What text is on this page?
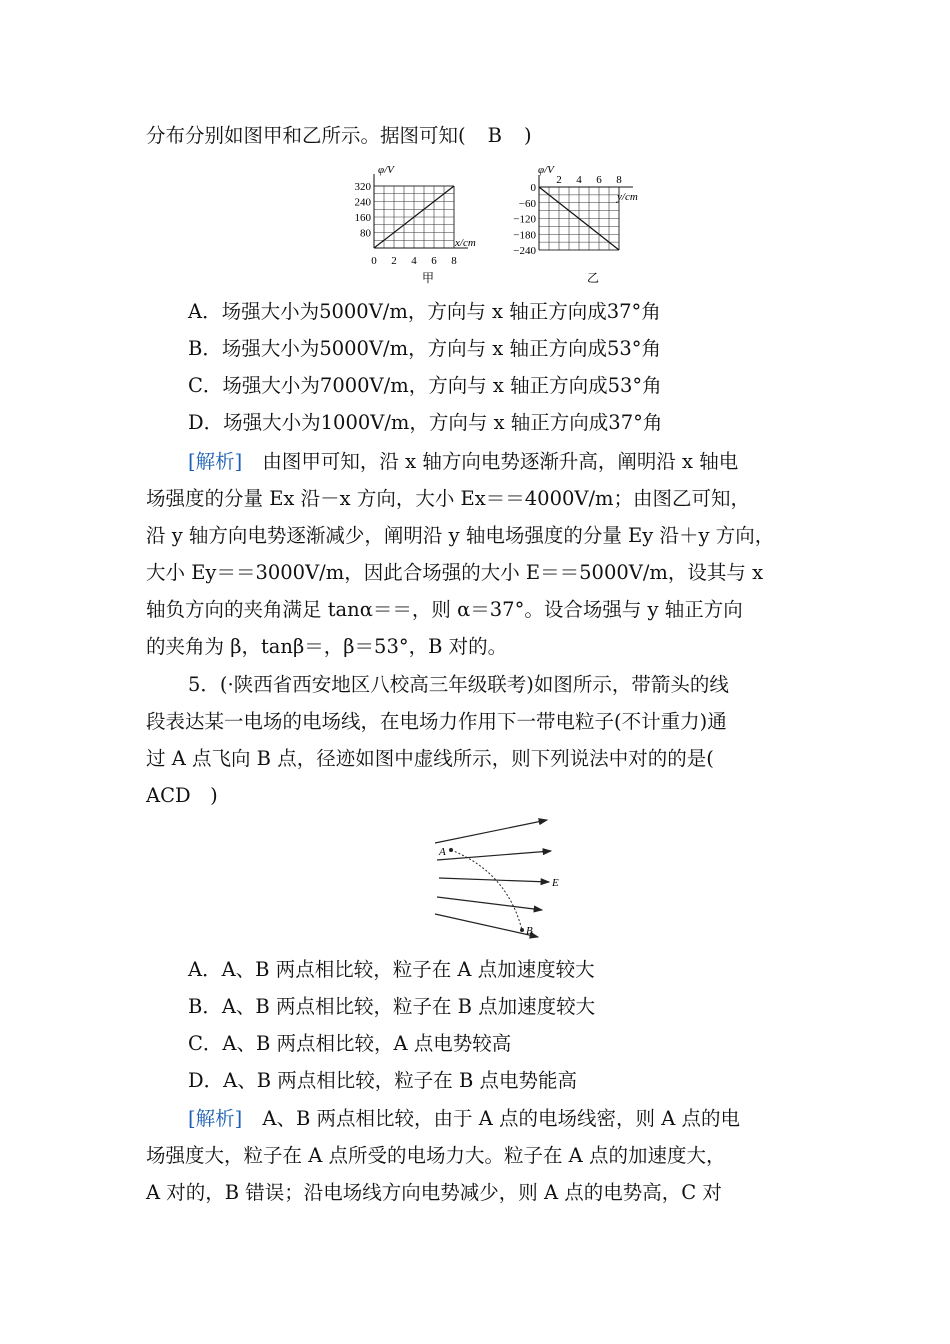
分布分别如图甲和乙所示。据图可知( B )
φ/V
x/cm
甲
320
240
160
80
0 2 4 6 8
φ/V
y/cm
乙
0
−60
−120
−180
−240
2 4 6 8
A．场强大小为5000V/m，方向与 x 轴正方向成37°角
B．场强大小为5000V/m，方向与 x 轴正方向成53°角
C．场强大小为7000V/m，方向与 x 轴正方向成53°角
D．场强大小为1000V/m，方向与 x 轴正方向成37°角
[解析] 由图甲可知，沿 x 轴方向电势逐渐升高，阐明沿 x 轴电
场强度的分量 Ex 沿－x 方向，大小 Ex＝＝4000V/m；由图乙可知，
沿 y 轴方向电势逐渐减少，阐明沿 y 轴电场强度的分量 Ey 沿＋y 方向，
大小 Ey＝＝3000V/m，因此合场强的大小 E＝＝5000V/m，设其与 x
轴负方向的夹角满足 tanα＝＝，则 α＝37°。设合场强与 y 轴正方向
的夹角为 β，tanβ＝，β＝53°，B 对的。
5．(·陕西省西安地区八校高三年级联考)如图所示，带箭头的线
段表达某一电场的电场线，在电场力作用下一带电粒子(不计重力)通
过 A 点飞向 B 点，径迹如图中虚线所示，则下列说法中对的的是(
ACD　)
A
B
E
A．A、B 两点相比较，粒子在 A 点加速度较大
B．A、B 两点相比较，粒子在 B 点加速度较大
C．A、B 两点相比较，A 点电势较高
D．A、B 两点相比较，粒子在 B 点电势能高
[解析] A、B 两点相比较，由于 A 点的电场线密，则 A 点的电
场强度大，粒子在 A 点所受的电场力大。粒子在 A 点的加速度大，
A 对的，B 错误；沿电场线方向电势减少，则 A 点的电势高，C 对
